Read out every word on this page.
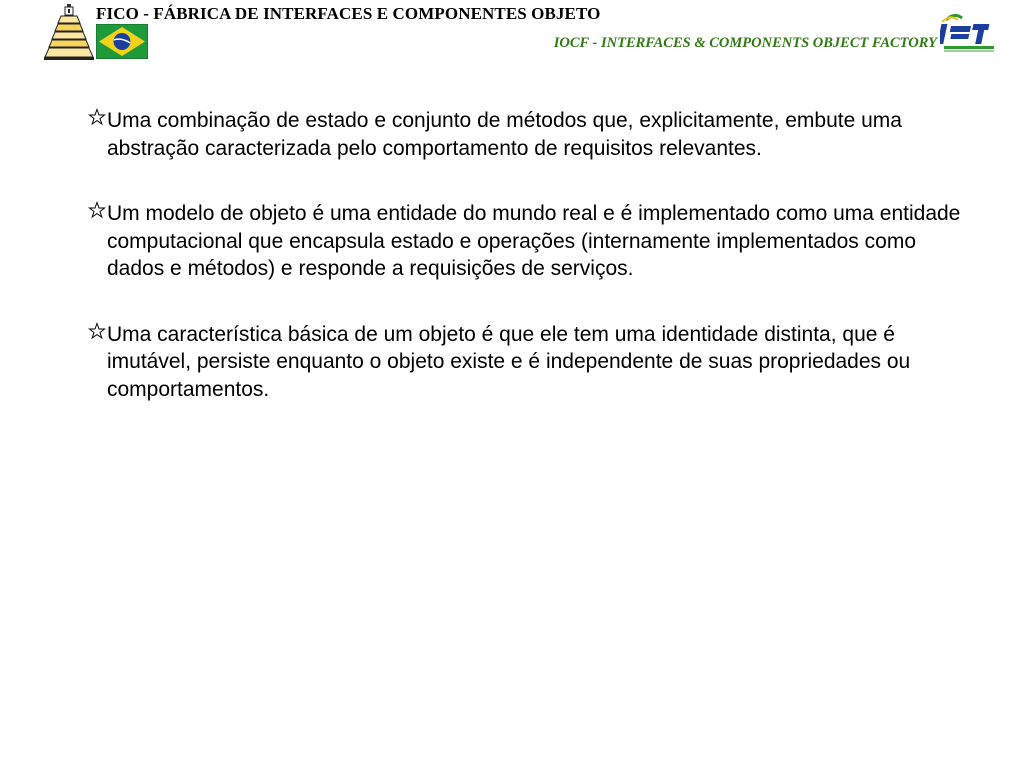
FICO - FÁBRICA DE INTERFACES E COMPONENTES OBJETO
IOCF - INTERFACES & COMPONENTS OBJECT FACTORY

Uma combinação de estado e conjunto de métodos que, explicitamente, embute uma abstração caracterizada pelo comportamento de requisitos relevantes.

Um modelo de objeto é uma entidade do mundo real e é implementado como uma entidade computacional que encapsula estado e operações (internamente implementados como dados e métodos) e responde a requisições de serviços.

Uma característica básica de um objeto é que ele tem uma identidade distinta, que é imutável, persiste enquanto o objeto existe e é independente de suas propriedades ou comportamentos.
